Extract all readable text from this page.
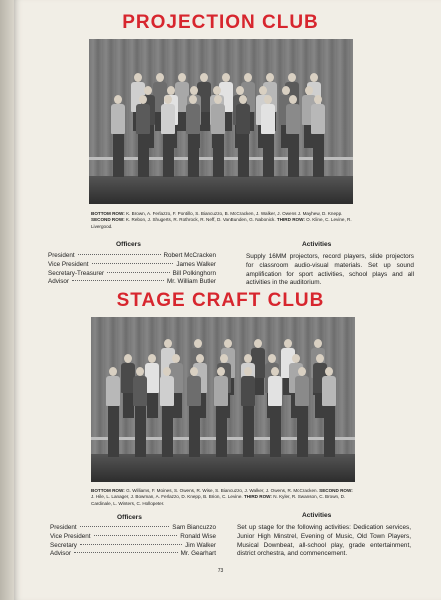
PROJECTION CLUB
BOTTOM ROW: K. Brown, A. Ferlazzo, F. Pontillo, S. Biancuzzo, B. McCracken, J. Walker, J. Owens J. Mayhew, D. Knepp. SECOND ROW: K. Rebon, J. Shugerts, R. Rothrock, R. Neff, D. VanBunden, G. Nabonick. THIRD ROW: O. Kline, C. Levine, R. Livergood.
Officers	Activities
President	Robert McCracken
Vice President	James Walker
Secretary-Treasurer	Bill Polkinghorn
Advisor	Mr. William Butler
Supply 16MM projectors, record players, slide projectors for classroom audio-visual materials. Set up sound amplification for sport activities, school plays and all activities in the auditorium.
STAGE CRAFT CLUB
BOTTOM ROW: G. Williams, F. Moines, S. Owens, R. Wise, S. Biancuzzo, J. Walker, J. Owens, R. McCracken. SECOND ROW: J. Hile, L. Lanager, J. Bowman, A. Ferlazzo, D. Knepp, B. Brion, C. Levine. THIRD ROW: N. Kyler, R. Swanson, C. Brown, D. Cardinale, L. Winters, C. Hollopeter.
Officers	Activities
President	Sam Biancuzzo
Vice President	Ronald Wise
Secretary	Jim Walker
Advisor	Mr. Gearhart
Set up stage for the following activities: Dedication services, Junior High Minstrel, Evening of Music, Old Town Players, Musical Downbeat, all-school play, grade entertainment, district orchestra, and commencement.
73
